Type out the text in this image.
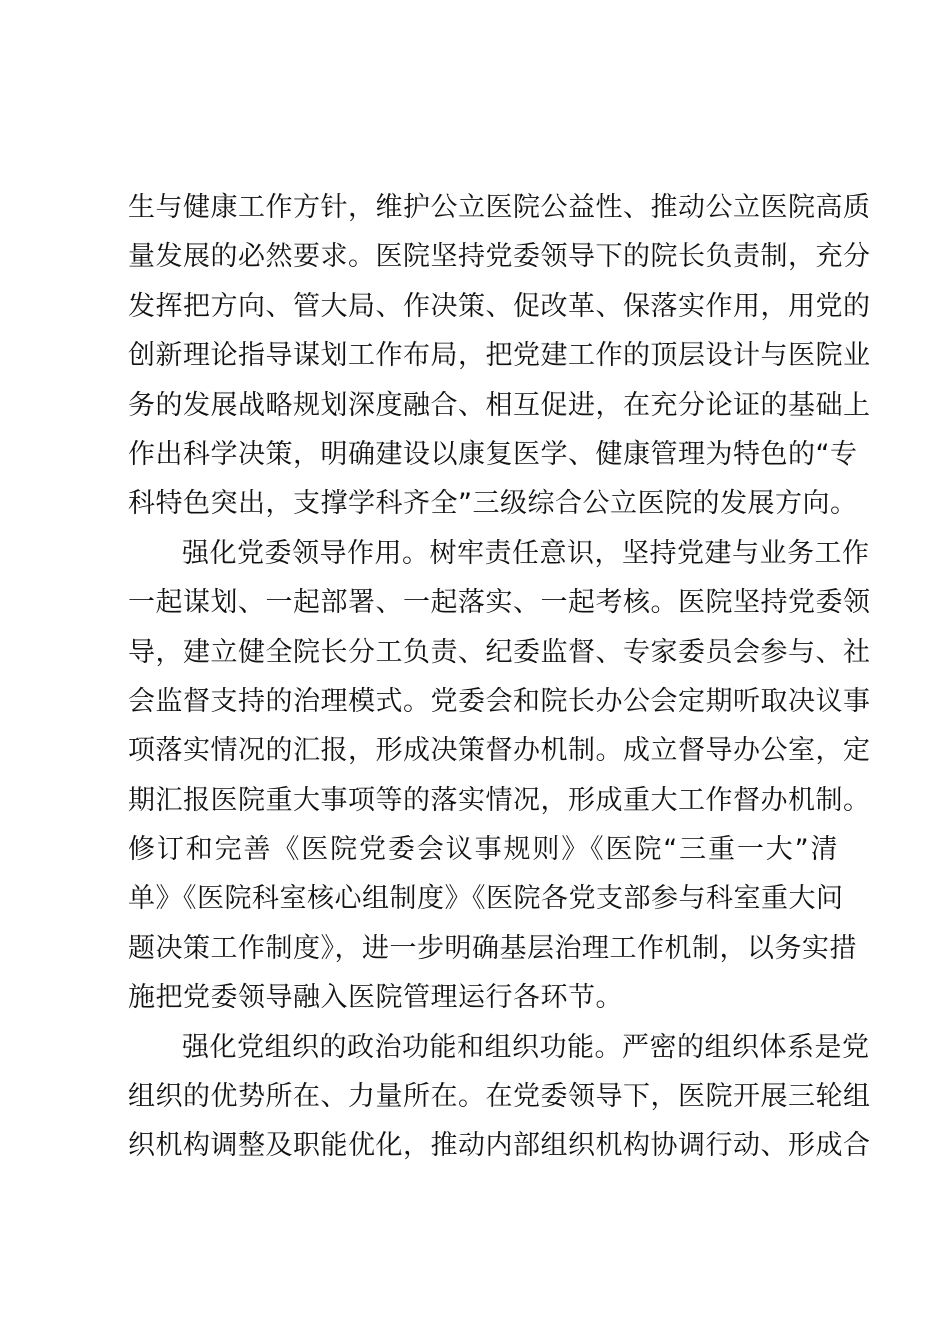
生与健康工作方针，维护公立医院公益性、推动公立医院高质
量发展的必然要求。医院坚持党委领导下的院长负责制，充分
发挥把方向、管大局、作决策、促改革、保落实作用，用党的
创新理论指导谋划工作布局，把党建工作的顶层设计与医院业
务的发展战略规划深度融合、相互促进，在充分论证的基础上
作出科学决策，明确建设以康复医学、健康管理为特色的“专
科特色突出，支撑学科齐全”三级综合公立医院的发展方向。
强化党委领导作用。树牢责任意识，坚持党建与业务工作
一起谋划、一起部署、一起落实、一起考核。医院坚持党委领
导，建立健全院长分工负责、纪委监督、专家委员会参与、社
会监督支持的治理模式。党委会和院长办公会定期听取决议事
项落实情况的汇报，形成决策督办机制。成立督导办公室，定
期汇报医院重大事项等的落实情况，形成重大工作督办机制。
修订和完善《医院党委会议事规则》《医院“三重一大”清
单》《医院科室核心组制度》《医院各党支部参与科室重大问
题决策工作制度》，进一步明确基层治理工作机制，以务实措
施把党委领导融入医院管理运行各环节。
强化党组织的政治功能和组织功能。严密的组织体系是党
组织的优势所在、力量所在。在党委领导下，医院开展三轮组
织机构调整及职能优化，推动内部组织机构协调行动、形成合
